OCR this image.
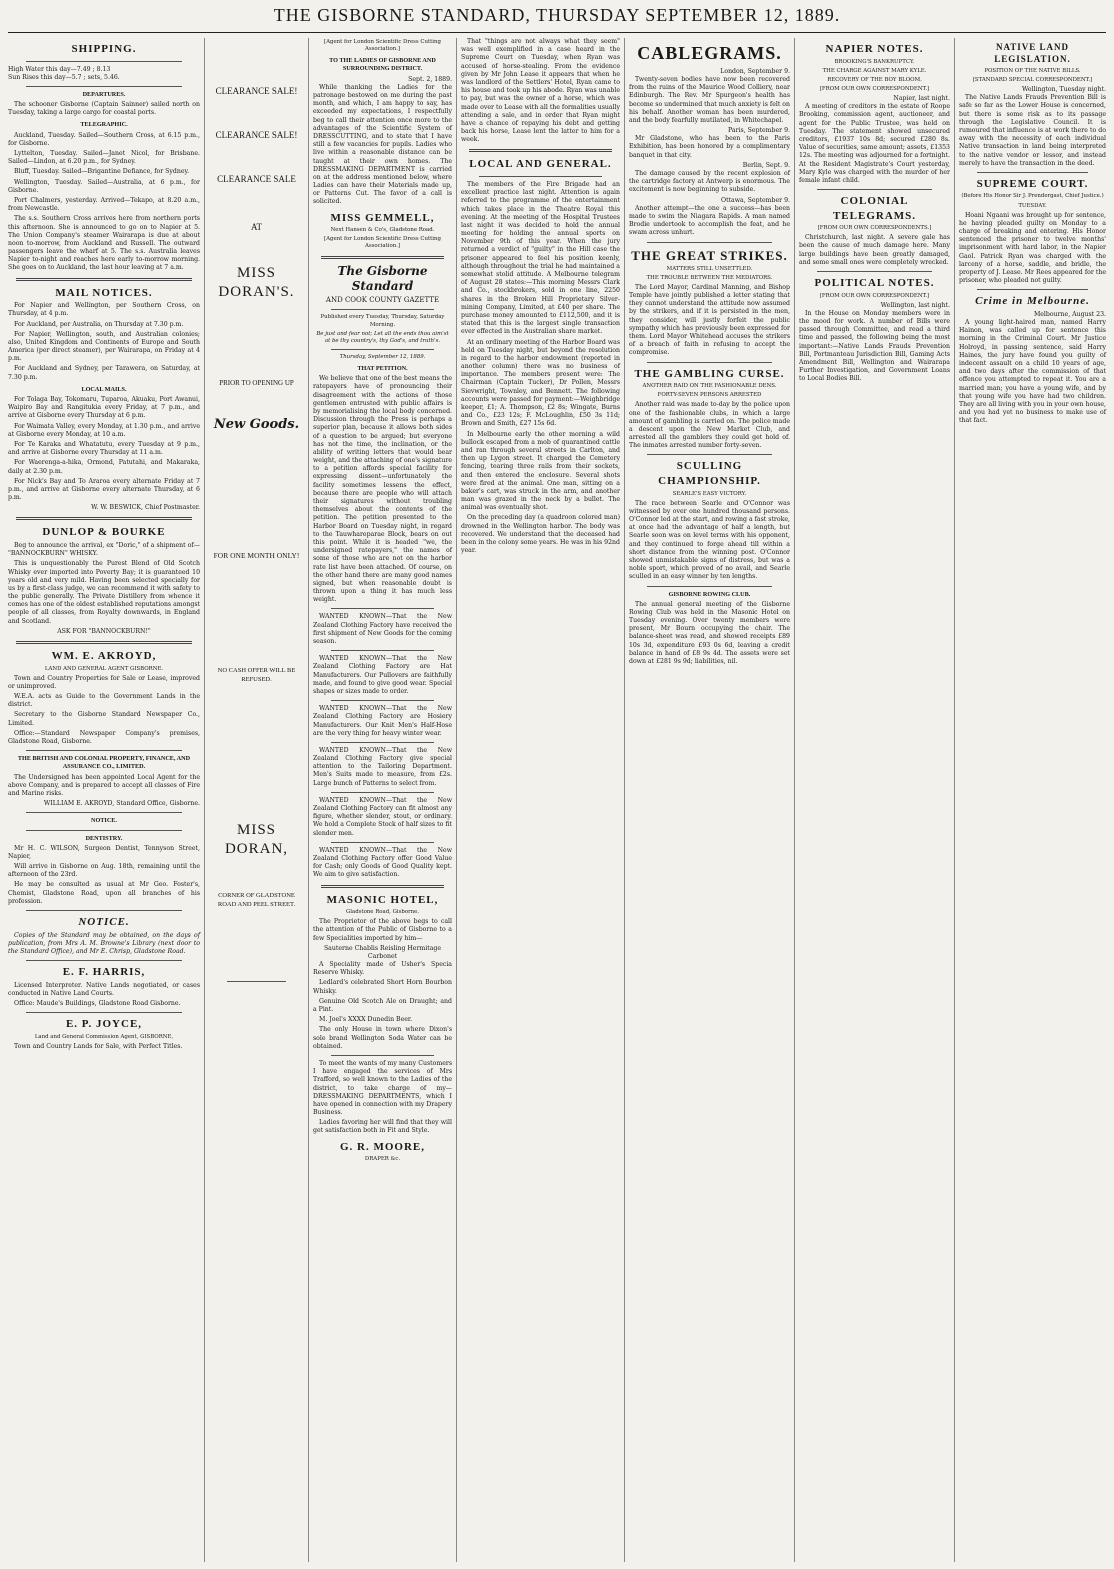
THE GISBORNE STANDARD, THURSDAY SEPTEMBER 12, 1889.
SHIPPING.
High Water this day—7.49 ; 8.13
Sun Rises this day—5.7 ; sets, 5.46.
DEPARTURES.

The schooner Gisborne (Captain Sainner) sailed north on Tuesday, taking a large cargo for coastal ports.

TELEGRAPHIC.

Auckland, Tuesday. Sailed—Southern Cross, at 6.15 p.m., for Gisborne.

Lyttelton, Tuesday. Sailed—Janet Nicol, for Brisbane. Sailed—Lindon, at 6.20 p.m., for Sydney.

Bluff, Tuesday. Sailed—Brigantine Defiance, for Sydney.

Wellington, Tuesday. Sailed—Australia, at 6 p.m., for Gisborne.

Port Chalmers, yesterday. Arrived—Tekapo, at 8.20 a.m., from Newcastle.

The s.s. Southern Cross arrives here from northern ports this afternoon. She is announced to go on to Napier at 5. The Union Company's steamer Wairarapa is due at about noon to-morrow, from Auckland and Russell. The outward passengers leave the wharf at 5. The s.s. Australia leaves Napier to-night and reaches here early to-morrow morning. She goes on to Auckland, the last hour leaving at 7 a.m.

MAIL NOTICES.

For Napier and Wellington, per Southern Cross, on Thursday, at 4 p.m.

For Auckland, per Australia, on Thursday at 7.30 p.m.

For Napier, Wellington, south, and Australian colonies; also, United Kingdom and Continents of Europe and South America (per direct steamer), per Wairarapa, on Friday at 4 p.m.

For Auckland and Sydney, per Tarawera, on Saturday, at 7.30 p.m.

LOCAL MAILS.

For Tolaga Bay, Tokomaru, Tuparoa, Akuaku, Port Awanui, Waipiro Bay and Rangitukia every Friday, at 7 p.m., and arrive at Gisborne every Thursday at 6 p.m.

For Waimata Valley, every Monday, at 1.30 p.m., and arrive at Gisborne every Monday, at 10 a.m.

For Te Karaka and Whatatutu, every Tuesday at 9 p.m., and arrive at Gisborne every Thursday at 11 a.m.

For Waerenga-a-hika, Ormond, Patutahi, and Makaraka, daily at 2.30 p.m.

For Nick's Bay and To Araroa every alternate Friday at 7 p.m., and arrive at Gisborne every alternate Thursday, at 6 p.m.

W. W. BESWICK, Chief Postmaster.
DUNLOP & BOURKE

Beg to announce the arrival, ex "Doric," of a shipment of— "BANNOCKBURN" WHISKY.

This is unquestionably the Purest Blend of Old Scotch Whisky ever imported into Poverty Bay; it is guaranteed 10 years old and very mild. Having been selected specially for us by a first-class judge, we can recommend it with safety to the public generally. The Private Distillery from whence it comes has one of the oldest established reputations amongst people of all classes, from Royalty downwards, in England and Scotland.

ASK FOR "BANNOCKBURN!"
WM. E. AKROYD,
LAND AND GENERAL AGENT GISBORNE.

Town and Country Properties for Sale or Lease, improved or unimproved.

W.E.A. acts as Guide to the Government Lands in the district.

Secretary to the Gisborne Standard Newspaper Co., Limited.

Office:—Standard Newspaper Company's premises, Gladstone Road, Gisborne.

THE BRITISH AND COLONIAL PROPERTY, FINANCE, AND ASSURANCE CO., LIMITED.

The Undersigned has been appointed Local Agent for the above Company, and is prepared to accept all classes of Fire and Marine risks.

WILLIAM E. AKROYD, Standard Office, Gisborne.
NOTICE.
DENTISTRY.

Mr H. C. WILSON, Surgeon Dentist, Tennyson Street, Napier,

Will arrive in Gisborne on Aug. 18th, remaining until the afternoon of the 23rd.

He may be consulted as usual at Mr Geo. Foster's, Chemist, Gladstone Road, upon all branches of his profession.

NOTICE.

Copies of the Standard may be obtained, on the days of publication, from Mrs A. M. Browne's Library (next door to the Standard Office), and Mr E. Chrisp, Gladstone Road.

E. F. HARRIS,

Licensed Interpreter. Native Lands negotiated, or cases conducted in Native Land Courts.

Office: Maude's Buildings, Gladstone Road Gisborne.

E. P. JOYCE,
Land and General Commission Agent, GISBORNE,

Town and Country Lands for Sale, with Perfect Titles.

CLEARANCE SALE!
CLEARANCE SALE!
CLEARANCE SALE
AT
MISS DORAN'S.
PRIOR TO OPENING UP
New Goods.
FOR ONE MONTH ONLY!
NO CASH OFFER WILL BE REFUSED.
MISS DORAN,
CORNER OF GLADSTONE ROAD AND PEEL STREET.
[Agent for London Scientific Dress Cutting Association.]
TO THE LADIES OF GISBORNE AND SURROUNDING DISTRICT.
Sept. 2, 1889.

While thanking the Ladies for the patronage bestowed on me during the past month, and which, I am happy to say, has exceeded my expectations, I respectfully beg to call their attention once more to the advantages of the Scientific System of DRESSCUTTING, and to state that I have still a few vacancies for pupils. Ladies who live within a reasonable distance can be taught at their own homes. The DRESSMAKING DEPARTMENT is carried on at the address mentioned below, where Ladies can have their Materials made up, or Patterns Cut. The favor of a call is solicited.

MISS GEMMELL,
Next Hansen & Co's, Gladstone Road.
[Agent for London Scientific Dress Cutting Association.]
The Gisborne Standard
AND COOK COUNTY GAZETTE
Published every Tuesday, Thursday, Saturday Morning.
Be just and fear not; Let all the ends thou aim'st at be thy country's, thy God's, and truth's.
Thursday, September 12, 1889.
THAT PETITION.

We believe that one of the best means the ratepayers have of pronouncing their disagreement with the actions of those gentlemen entrusted with public affairs is by memorialising the local body concerned. Discussion through the Press is perhaps a superior plan, because it allows both sides of a question to be argued; but everyone has not the time, the inclination, or the ability of writing letters that would bear weight, and the attaching of one's signature to a petition affords special facility for expressing dissent—unfortunately the facility sometimes lessens the effect, because there are people who will attach their signatures without troubling themselves about the contents of the petition. The petition presented to the Harbor Board on Tuesday night, in regard to the Tauwhareparae Block, bears on out this point. While it is headed "we, the undersigned ratepayers," the names of some of those who are not on the harbor rate list have been attached. Of course, on the other hand there are many good names signed, but when reasonable doubt is thrown upon a thing it has much less weight.

WANTED KNOWN—That the New Zealand Clothing Factory have received the first shipment of New Goods for the coming season.

WANTED KNOWN—That the New Zealand Clothing Factory are Hat Manufacturers. Our Pullovers are faithfully made, and found to give good wear. Special shapes or sizes made to order.

WANTED KNOWN—That the New Zealand Clothing Factory are Hosiery Manufacturers. Our Knit Men's Half-Hose are the very thing for heavy winter wear.

WANTED KNOWN—That the New Zealand Clothing Factory give special attention to the Tailoring Department. Men's Suits made to measure, from £2s. Large bunch of Patterns to select from.

WANTED KNOWN—That the New Zealand Clothing Factory can fit almost any figure, whether slender, stout, or ordinary. We hold a Complete Stock of half sizes to fit slender men.

WANTED KNOWN—That the New Zealand Clothing Factory offer Good Value for Cash; only Goods of Good Quality kept. We aim to give satisfaction.

MASONIC HOTEL,
Gladstone Road, Gisborne.

The Proprietor of the above begs to call the attention of the Public of Gisborne to a few Specialities imported by him—

Sauterne Chablis Reisling Hermitage Carbonet

A Speciality made of Usher's Specia Reserve Whisky.

Ledlard's celebrated Short Horn Bourbon Whisky.

Genuine Old Scotch Ale on Draught; and a Pint.

M. Joel's XXXX Dunedin Beer.

The only House in town where Dixon's sole brand Wellington Soda Water can be obtained.

To meet the wants of my many Customers I have engaged the services of Mrs Trafford, so well known to the Ladies of the district, to take charge of my— DRESSMAKING DEPARTMENTS, which I have opened in connection with my Drapery Business.

Ladies favoring her will find that they will get satisfaction both in Fit and Style.

G. R. MOORE,
DRAPER &c.

That "things are not always what they seem" was well exemplified in a case heard in the Supreme Court on Tuesday, when Ryan was accused of horse-stealing. From the evidence given by Mr John Lease it appears that when he was landlord of the Settlers' Hotel, Ryan came to his house and took up his abode. Ryan was unable to pay, but was the owner of a horse, which was made over to Lease with all the formalities usually attending a sale, and in order that Ryan might have a chance of repaying his debt and getting back his horse, Lease lent the latter to him for a week.

LOCAL AND GENERAL.

The members of the Fire Brigade had an excellent practice last night. Attention is again referred to the programme of the entertainment which takes place in the Theatre Royal this evening. At the meeting of the Hospital Trustees last night it was decided to hold the annual meeting for holding the annual sports on November 9th of this year. When the jury returned a verdict of "guilty" in the Hill case the prisoner appeared to feel his position keenly, although throughout the trial he had maintained a somewhat stolid attitude. A Melbourne telegram of August 28 states:—This morning Messrs Clark and Co., stockbrokers, sold in one line, 2250 shares in the Broken Hill Proprietary Silver-mining Company, Limited, at £40 per share. The purchase money amounted to £112,500, and it is stated that this is the largest single transaction ever effected in the Australian share market.

At an ordinary meeting of the Harbor Board was held on Tuesday night, but beyond the resolution in regard to the harbor endowment (reported in another column) there was no business of importance. The members present were: The Chairman (Captain Tucker), Dr Pollen, Messrs Sievwright, Townley, and Bennett. The following accounts were passed for payment:—Weighbridge keeper, £1; A. Thompson, £2 8s; Wingate, Burns and Co., £23 12s; F. McLoughlin, £50 3s 11d; Brown and Smith, £27 15s 6d.

In Melbourne early the other morning a wild bullock escaped from a mob of quarantined cattle and ran through several streets in Carlton, and then up Lygon street. It charged the Cemetery fencing, tearing three rails from their sockets, and then entered the enclosure. Several shots were fired at the animal. One man, sitting on a baker's cart, was struck in the arm, and another man was grazed in the neck by a bullet. The animal was eventually shot.

On the preceding day (a quadroon colored man) drowned in the Wellington harbor. The body was recovered. We understand that the deceased had been in the colony some years. He was in his 92nd year.

CABLEGRAMS.
London, September 9.

Twenty-seven bodies have now been recovered from the ruins of the Maurice Wood Colliery, near Edinburgh. The Rev. Mr Spurgeon's health has become so undermined that much anxiety is felt on his behalf. Another woman has been murdered, and the body fearfully mutilated, in Whitechapel.

Paris, September 9.

Mr Gladstone, who has been to the Paris Exhibition, has been honored by a complimentary banquet in that city.

Berlin, Sept. 9.

The damage caused by the recent explosion of the cartridge factory at Antwerp is enormous. The excitement is now beginning to subside.

Ottawa, September 9.

Another attempt—the one a success—has been made to swim the Niagara Rapids. A man named Brodie undertook to accomplish the feat, and he swam across unhurt.

THE GREAT STRIKES.
MATTERS STILL UNSETTLED.
THE TROUBLE BETWEEN THE MEDIATORS.

The Lord Mayor, Cardinal Manning, and Bishop Temple have jointly published a letter stating that they cannot understand the attitude now assumed by the strikers, and if it is persisted in the men, they consider, will justly forfeit the public sympathy which has previously been expressed for them. Lord Mayor Whitehead accuses the strikers of a breach of faith in refusing to accept the compromise.

THE GAMBLING CURSE.
ANOTHER RAID ON THE FASHIONABLE DENS.
FORTY-SEVEN PERSONS ARRESTED

Another raid was made to-day by the police upon one of the fashionable clubs, in which a large amount of gambling is carried on. The police made a descent upon the New Market Club, and arrested all the gamblers they could get hold of. The inmates arrested number forty-seven.

SCULLING CHAMPIONSHIP.
SEARLE'S EASY VICTORY.

The race between Searle and O'Connor was witnessed by over one hundred thousand persons. O'Connor led at the start, and rowing a fast stroke, at once had the advantage of half a length, but Searle soon was on level terms with his opponent, and they continued to forge ahead till within a short distance from the winning post. O'Connor showed unmistakable signs of distress, but was a noble sport, which proved of no avail, and Searle sculled in an easy winner by ten lengths.

GISBORNE ROWING CLUB.

The annual general meeting of the Gisborne Rowing Club was held in the Masonic Hotel on Tuesday evening. Over twenty members were present, Mr Bourn occupying the chair. The balance-sheet was read, and showed receipts £89 10s 3d, expenditure £93 0s 6d, leaving a credit balance in hand of £8 9s 4d. The assets were set down at £281 9s 9d; liabilities, nil.

NAPIER NOTES.
BROOKING'S BANKRUPTCY.
THE CHARGE AGAINST MARY KYLE.
RECOVERY OF THE BOY BLOOM.
[FROM OUR OWN CORRESPONDENT.]
Napier, last night.

A meeting of creditors in the estate of Roope Brooking, commission agent, auctioneer, and agent for the Public Trustee, was held on Tuesday. The statement showed unsecured creditors, £1937 10s 8d; secured £280 8s. Value of securities, same amount; assets, £1353 12s. The meeting was adjourned for a fortnight. At the Resident Magistrate's Court yesterday, Mary Kyle was charged with the murder of her female infant child.

COLONIAL TELEGRAMS.
[FROM OUR OWN CORRESPONDENTS.]

Christchurch, last night. A severe gale has been the cause of much damage here. Many large buildings have been greatly damaged, and some small ones were completely wrecked.

POLITICAL NOTES.
[FROM OUR OWN CORRESPONDENT.]
Wellington, last night.

In the House on Monday members were in the mood for work. A number of Bills were passed through Committee, and read a third time and passed, the following being the most important:—Native Lands Frauds Prevention Bill, Portmanteau Jurisdiction Bill, Gaming Acts Amendment Bill, Wellington and Wairarapa Further Investigation, and Government Loans to Local Bodies Bill.

NATIVE LAND LEGISLATION.
POSITION OF THE NATIVE BILLS.
[STANDARD SPECIAL CORRESPONDENT.]
Wellington, Tuesday night.

The Native Lands Frauds Prevention Bill is safe so far as the Lower House is concerned, but there is some risk as to its passage through the Legislative Council. It is rumoured that influence is at work there to do away with the necessity of each individual Native transaction in land being interpreted to the native vendor or lessor, and instead merely to have the transaction in the deed.

SUPREME COURT.
(Before His Honor Sir J. Prendergast, Chief Justice.)
TUESDAY.

Hoani Ngaani was brought up for sentence, he having pleaded guilty on Monday to a charge of breaking and entering. His Honor sentenced the prisoner to twelve months' imprisonment with hard labor, in the Napier Gaol. Patrick Ryan was charged with the larceny of a horse, saddle, and bridle, the property of J. Lease. Mr Rees appeared for the prisoner, who pleaded not guilty.

Crime in Melbourne.
Melbourne, August 23.

A young light-haired man, named Harry Hainon, was called up for sentence this morning in the Criminal Court. Mr Justice Holroyd, in passing sentence, said Harry Haines, the jury have found you guilty of indecent assault on a child 10 years of age, and two days after the commission of that offence you attempted to repeat it. You are a married man; you have a young wife, and by that young wife you have had two children. They are all living with you in your own house, and you had yet no business to make use of that fact.
